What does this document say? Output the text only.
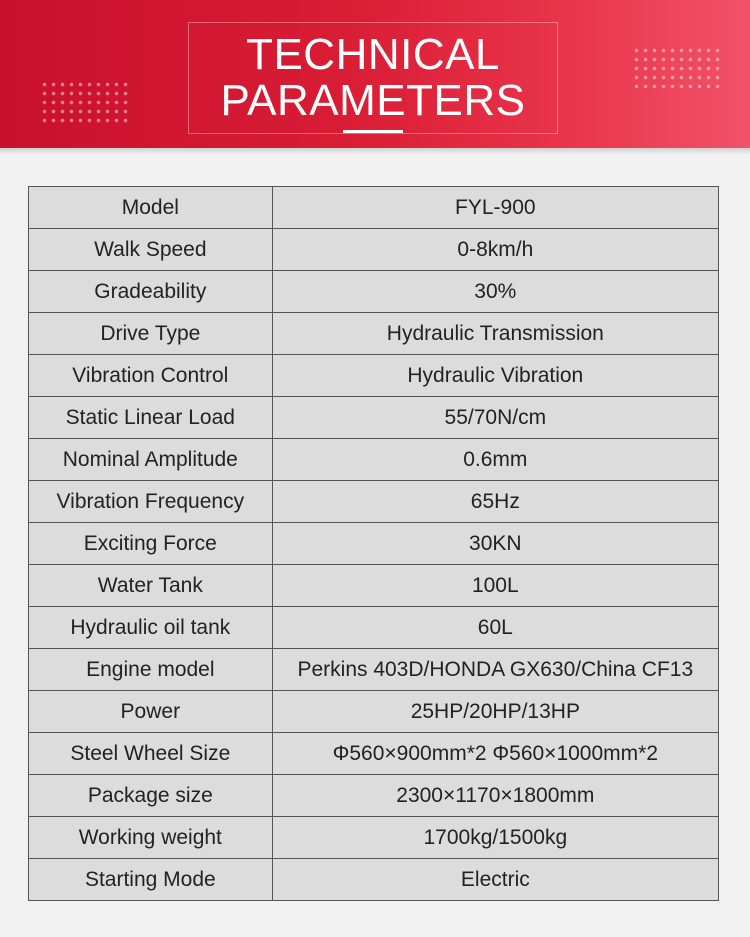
TECHNICAL
PARAMETERS
Model	FYL-900
Walk Speed	0-8km/h
Gradeability	30%
Drive Type	Hydraulic Transmission
Vibration Control	Hydraulic Vibration
Static Linear Load	55/70N/cm
Nominal Amplitude	0.6mm
Vibration Frequency	65Hz
Exciting Force	30KN
Water Tank	100L
Hydraulic oil tank	60L
Engine model	Perkins 403D/HONDA GX630/China CF13
Power	25HP/20HP/13HP
Steel Wheel Size	Φ560×900mm*2 Φ560×1000mm*2
Package size	2300×1170×1800mm
Working weight	1700kg/1500kg
Starting Mode	Electric
